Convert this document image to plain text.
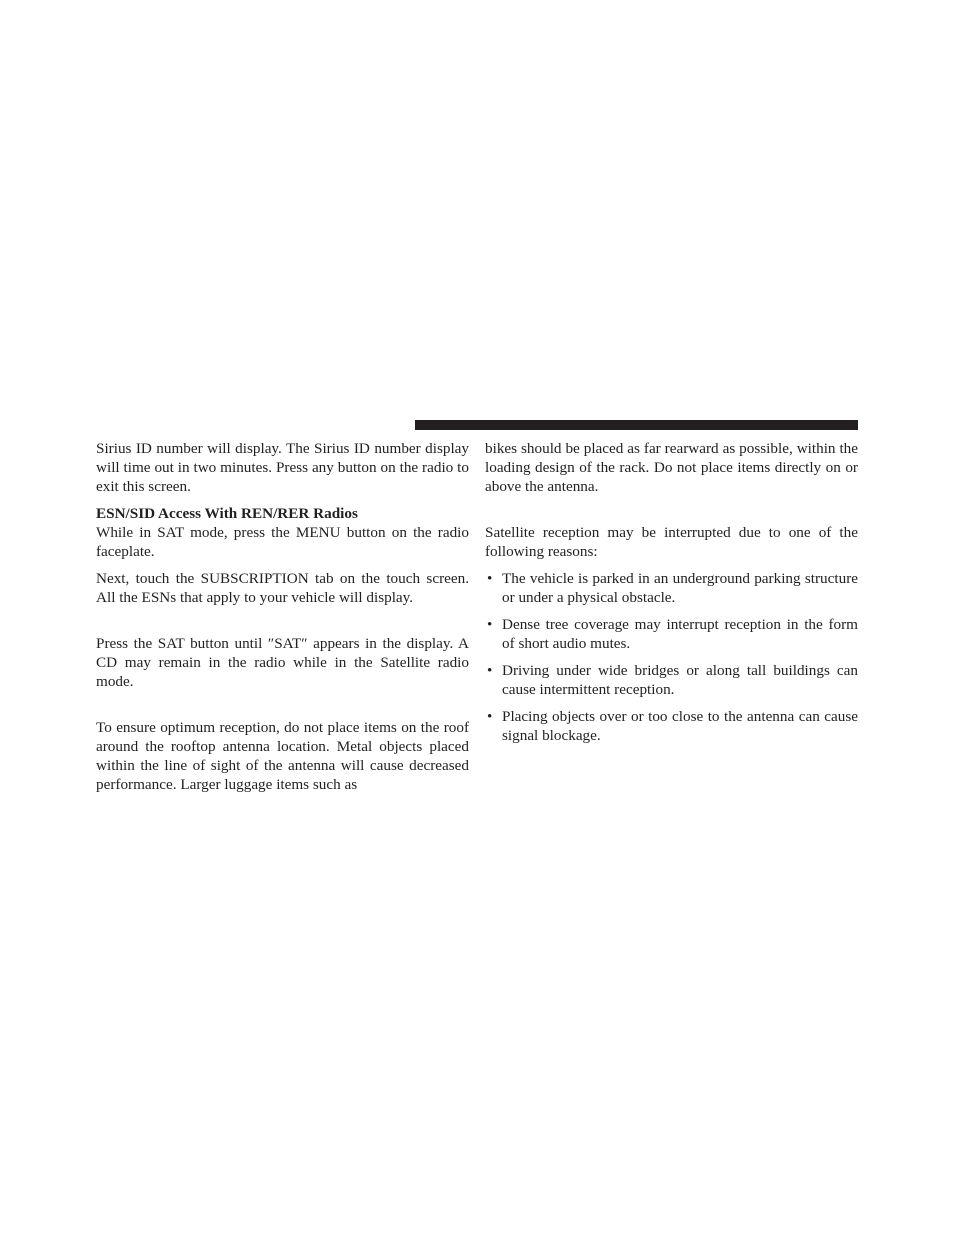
Sirius ID number will display. The Sirius ID number display will time out in two minutes. Press any button on the radio to exit this screen.

ESN/SID Access With REN/RER Radios

While in SAT mode, press the MENU button on the radio faceplate.

Next, touch the SUBSCRIPTION tab on the touch screen. All the ESNs that apply to your vehicle will display.

Press the SAT button until ″SAT″ appears in the display. A CD may remain in the radio while in the Satellite radio mode.

To ensure optimum reception, do not place items on the roof around the rooftop antenna location. Metal objects placed within the line of sight of the antenna will cause decreased performance. Larger luggage items such as

bikes should be placed as far rearward as possible, within the loading design of the rack. Do not place items directly on or above the antenna.

Satellite reception may be interrupted due to one of the following reasons:

• The vehicle is parked in an underground parking structure or under a physical obstacle.
• Dense tree coverage may interrupt reception in the form of short audio mutes.
• Driving under wide bridges or along tall buildings can cause intermittent reception.
• Placing objects over or too close to the antenna can cause signal blockage.
